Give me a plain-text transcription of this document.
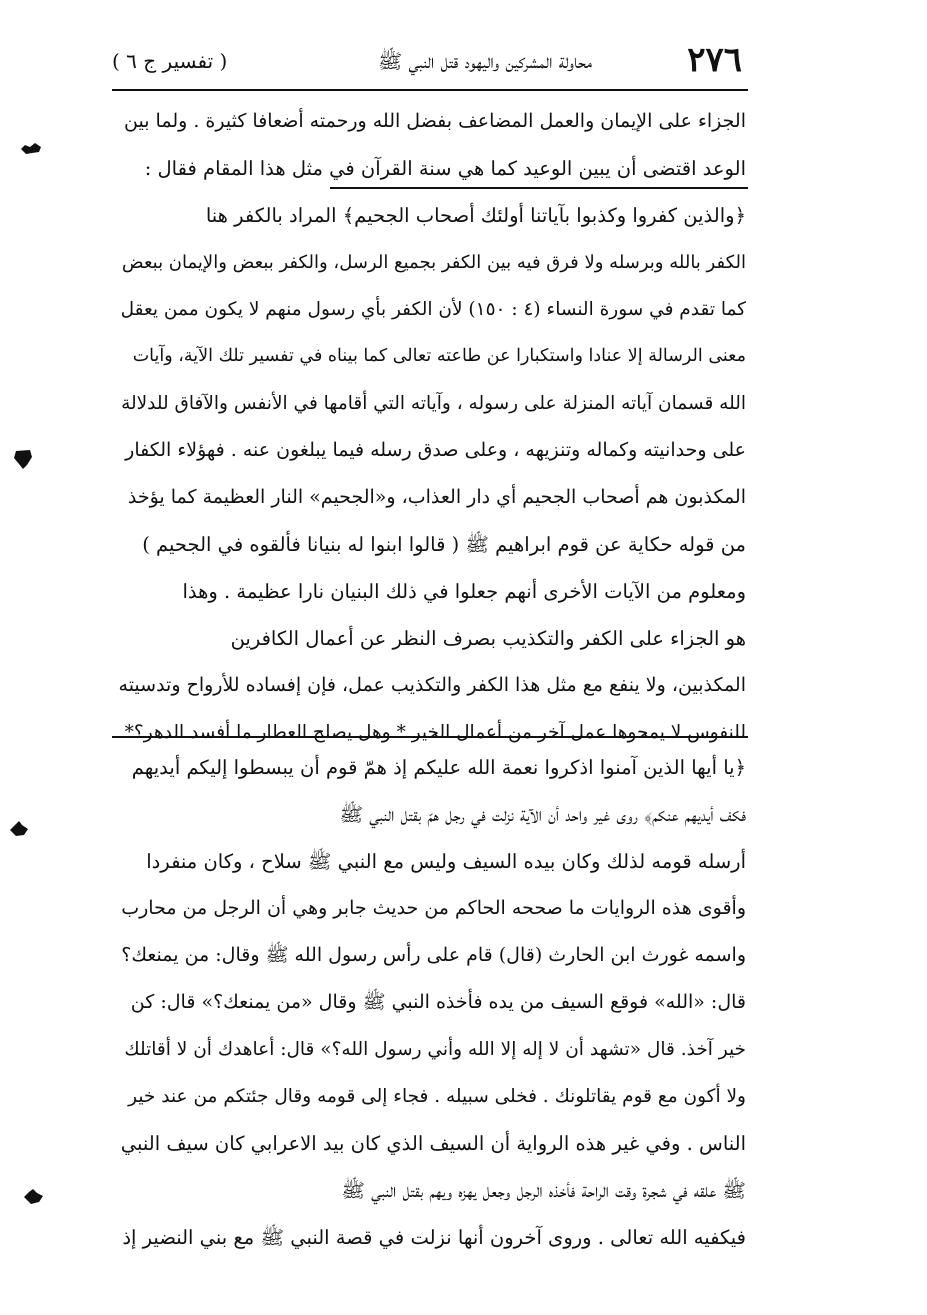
٢٧٦
محاولة المشركين واليهود قتل النبي ﷺ
( تفسير ج ٦ )
الجزاء على الإيمان والعمل المضاعف بفضل الله ورحمته أضعافا كثيرة . ولما بين
الوعد اقتضى أن يبين الوعيد كما هي سنة القرآن في مثل هذا المقام فقال :
﴿والذين كفروا وكذبوا بآياتنا أولئك أصحاب الجحيم﴾ المراد بالكفر هنا
الكفر بالله وبرسله ولا فرق فيه بين الكفر بجميع الرسل، والكفر ببعض والإيمان ببعض
كما تقدم في سورة النساء (٤ : ١٥٠) لأن الكفر بأي رسول منهم لا يكون ممن يعقل
معنى الرسالة إلا عنادا واستكبارا عن طاعته تعالى كما بيناه في تفسير تلك الآية، وآيات
الله قسمان آياته المنزلة على رسوله ، وآياته التي أقامها في الأنفس والآفاق للدلالة
على وحدانيته وكماله وتنزيهه ، وعلى صدق رسله فيما يبلغون عنه . فهؤلاء الكفار
المكذبون هم أصحاب الجحيم أي دار العذاب، و«الجحيم» النار العظيمة كما يؤخذ
من قوله حكاية عن قوم ابراهيم ﷺ ( قالوا ابنوا له بنيانا فألقوه في الجحيم )
ومعلوم من الآيات الأخرى أنهم جعلوا في ذلك البنيان نارا عظيمة . وهذا
هو الجزاء على الكفر والتكذيب بصرف النظر عن أعمال الكافرين
المكذبين، ولا ينفع مع مثل هذا الكفر والتكذيب عمل، فإن إفساده للأرواح وتدسيته
للنفوس لا يمحوها عمل آخر من أعمال الخير * وهل يصلح العطار ما أفسد الدهر؟*
﴿يا أيها الذين آمنوا اذكروا نعمة الله عليكم إذ همّ قوم أن يبسطوا إليكم أيديهم
فكف أيديهم عنكم﴾ روى غير واحد أن الآية نزلت في رجل همّ بقتل النبي ﷺ
أرسله قومه لذلك وكان بيده السيف وليس مع النبي ﷺ سلاح ، وكان منفردا
وأقوى هذه الروايات ما صححه الحاكم من حديث جابر وهي أن الرجل من محارب
واسمه غورث ابن الحارث (قال) قام على رأس رسول الله ﷺ وقال: من يمنعك؟
قال: «الله» فوقع السيف من يده فأخذه النبي ﷺ وقال «من يمنعك؟» قال: كن
خير آخذ. قال «تشهد أن لا إله إلا الله وأني رسول الله؟» قال: أعاهدك أن لا أقاتلك
ولا أكون مع قوم يقاتلونك . فخلى سبيله . فجاء إلى قومه وقال جئتكم من عند خير
الناس . وفي غير هذه الرواية أن السيف الذي كان بيد الاعرابي كان سيف النبي
ﷺ علقه في شجرة وقت الراحة فأخذه الرجل وجعل يهزه ويهم بقتل النبي ﷺ
فيكفيه الله تعالى . وروى آخرون أنها نزلت في قصة النبي ﷺ مع بني النضير إذ
